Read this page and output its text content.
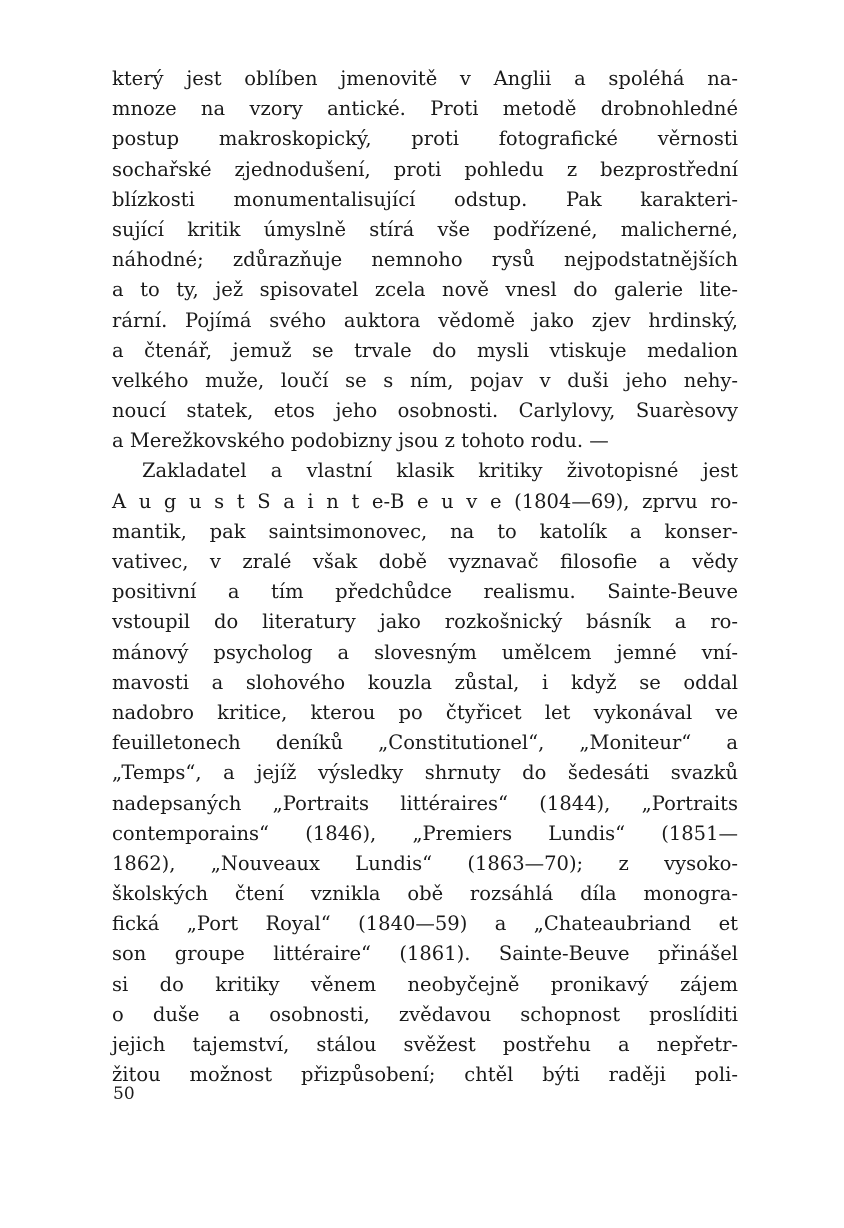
který jest oblíben jmenovitě v Anglii a spoléhá na-
mnoze na vzory antické. Proti metodě drobnohledné
postup makroskopický, proti fotografické věrnosti
sochařské zjednodušení, proti pohledu z bezprostřední
blízkosti monumentalisující odstup. Pak karakteri-
sující kritik úmyslně stírá vše podřízené, malicherné,
náhodné; zdůrazňuje nemnoho rysů nejpodstatnějších
a to ty, jež spisovatel zcela nově vnesl do galerie lite-
rární. Pojímá svého auktora vědomě jako zjev hrdinský,
a čtenář, jemuž se trvale do mysli vtiskuje medalion
velkého muže, loučí se s ním, pojav v duši jeho nehy-
noucí statek, etos jeho osobnosti. Carlylovy, Suarèsovy
a Merežkovského podobizny jsou z tohoto rodu. —
Zakladatel a vlastní klasik kritiky životopisné jest
A u g u s t S a i n t e-B e u v e (1804—69), zprvu ro-
mantik, pak saintsimonovec, na to katolík a konser-
vativec, v zralé však době vyznavač filosofie a vědy
positivní a tím předchůdce realismu. Sainte-Beuve
vstoupil do literatury jako rozkošnický básník a ro-
mánový psycholog a slovesným umělcem jemné vní-
mavosti a slohového kouzla zůstal, i když se oddal
nadobro kritice, kterou po čtyřicet let vykonával ve
feuilletonech deníků „Constitutionel“, „Moniteur“ a
„Temps“, a jejíž výsledky shrnuty do šedesáti svazků
nadepsaných „Portraits littéraires“ (1844), „Portraits
contemporains“ (1846), „Premiers Lundis“ (1851—
1862), „Nouveaux Lundis“ (1863—70); z vysoko-
školských čtení vznikla obě rozsáhlá díla monogra-
fická „Port Royal“ (1840—59) a „Chateaubriand et
son groupe littéraire“ (1861). Sainte-Beuve přinášel
si do kritiky věnem neobyčejně pronikavý zájem
o duše a osobnosti, zvědavou schopnost proslíditi
jejich tajemství, stálou svěžest postřehu a nepřetr-
žitou možnost přizpůsobení; chtěl býti raději poli-
50
